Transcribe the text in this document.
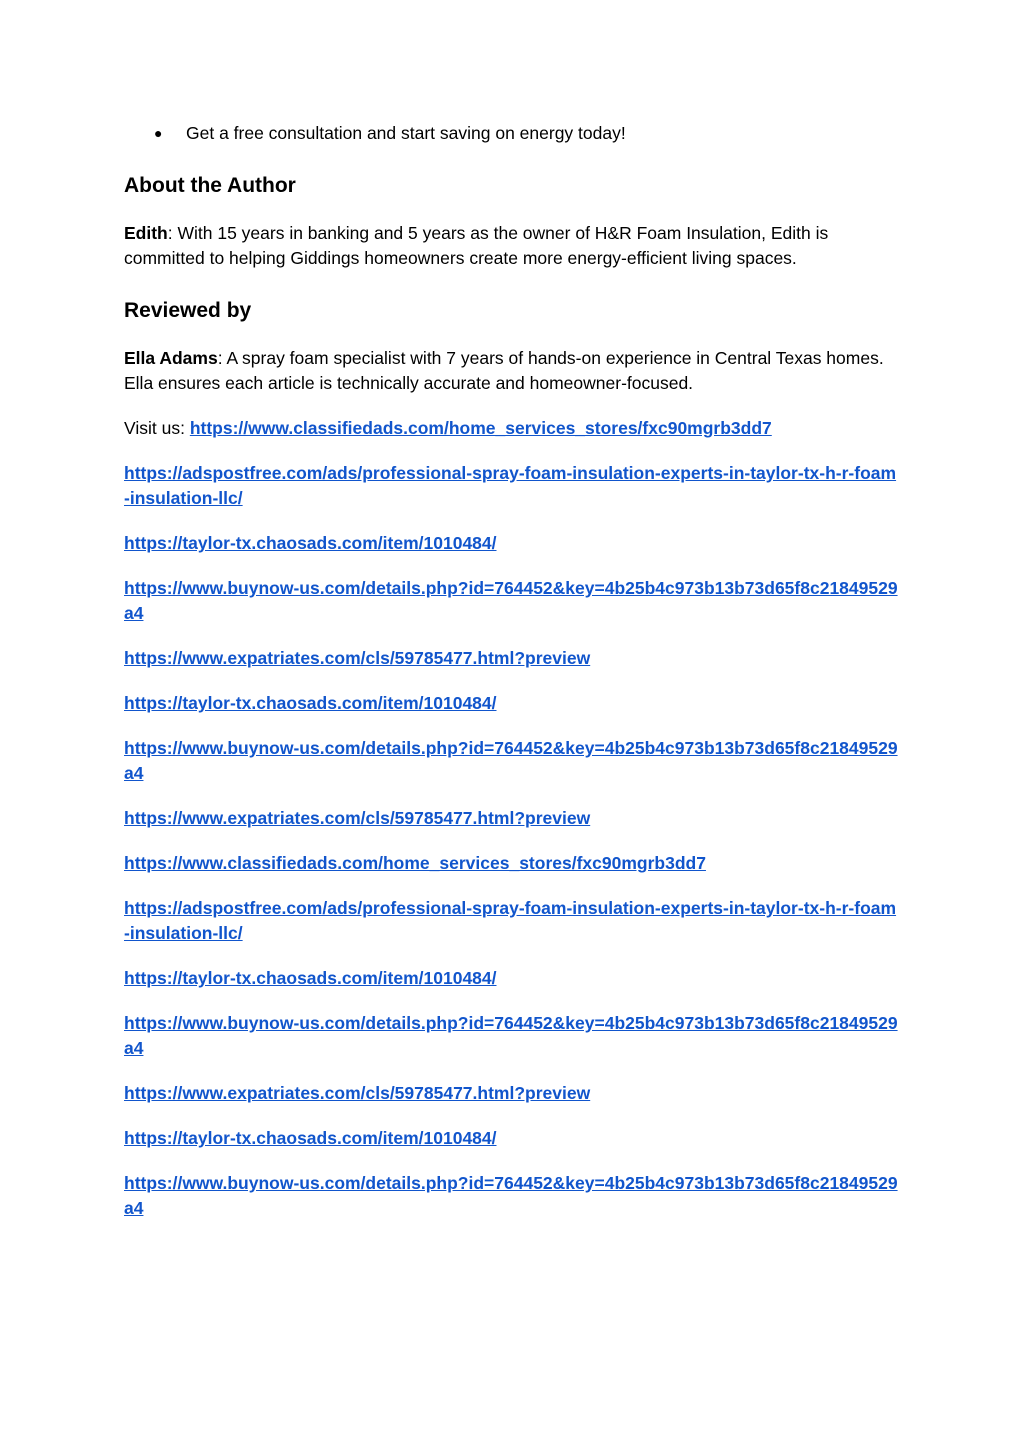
● Get a free consultation and start saving on energy today!
About the Author

Edith: With 15 years in banking and 5 years as the owner of H&R Foam Insulation, Edith is committed to helping Giddings homeowners create more energy-efficient living spaces.

Reviewed by

Ella Adams: A spray foam specialist with 7 years of hands-on experience in Central Texas homes. Ella ensures each article is technically accurate and homeowner-focused.

Visit us: https://www.classifiedads.com/home_services_stores/fxc90mgrb3dd7

https://adspostfree.com/ads/professional-spray-foam-insulation-experts-in-taylor-tx-h-r-foam-insulation-llc/

https://taylor-tx.chaosads.com/item/1010484/

https://www.buynow-us.com/details.php?id=764452&key=4b25b4c973b13b73d65f8c21849529a4

https://www.expatriates.com/cls/59785477.html?preview

https://taylor-tx.chaosads.com/item/1010484/

https://www.buynow-us.com/details.php?id=764452&key=4b25b4c973b13b73d65f8c21849529a4

https://www.expatriates.com/cls/59785477.html?preview

https://www.classifiedads.com/home_services_stores/fxc90mgrb3dd7

https://adspostfree.com/ads/professional-spray-foam-insulation-experts-in-taylor-tx-h-r-foam-insulation-llc/

https://taylor-tx.chaosads.com/item/1010484/

https://www.buynow-us.com/details.php?id=764452&key=4b25b4c973b13b73d65f8c21849529a4

https://www.expatriates.com/cls/59785477.html?preview

https://taylor-tx.chaosads.com/item/1010484/

https://www.buynow-us.com/details.php?id=764452&key=4b25b4c973b13b73d65f8c21849529a4
